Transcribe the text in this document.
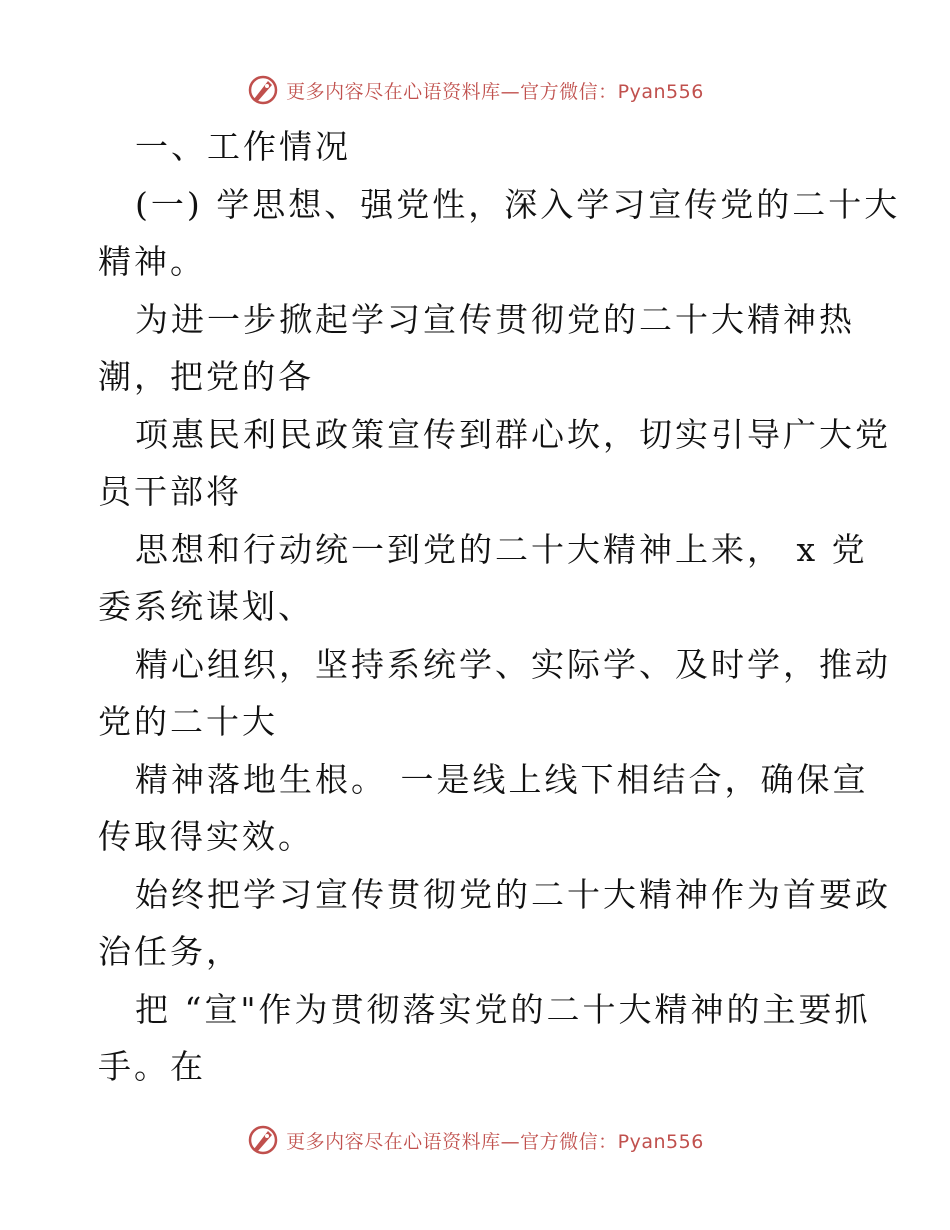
更多内容尽在心语资料库—官方微信：Pyan556
一、工作情况
(一) 学思想、强党性，深入学习宣传党的二十大
精神。
为进一步掀起学习宣传贯彻党的二十大精神热
潮，把党的各
项惠民利民政策宣传到群心坎，切实引导广大党
员干部将
思想和行动统一到党的二十大精神上来， x 党
委系统谋划、
精心组织，坚持系统学、实际学、及时学，推动
党的二十大
精神落地生根。 一是线上线下相结合，确保宣
传取得实效。
始终把学习宣传贯彻党的二十大精神作为首要政
治任务，
把 “宣"作为贯彻落实党的二十大精神的主要抓
手。在
更多内容尽在心语资料库—官方微信：Pyan556
